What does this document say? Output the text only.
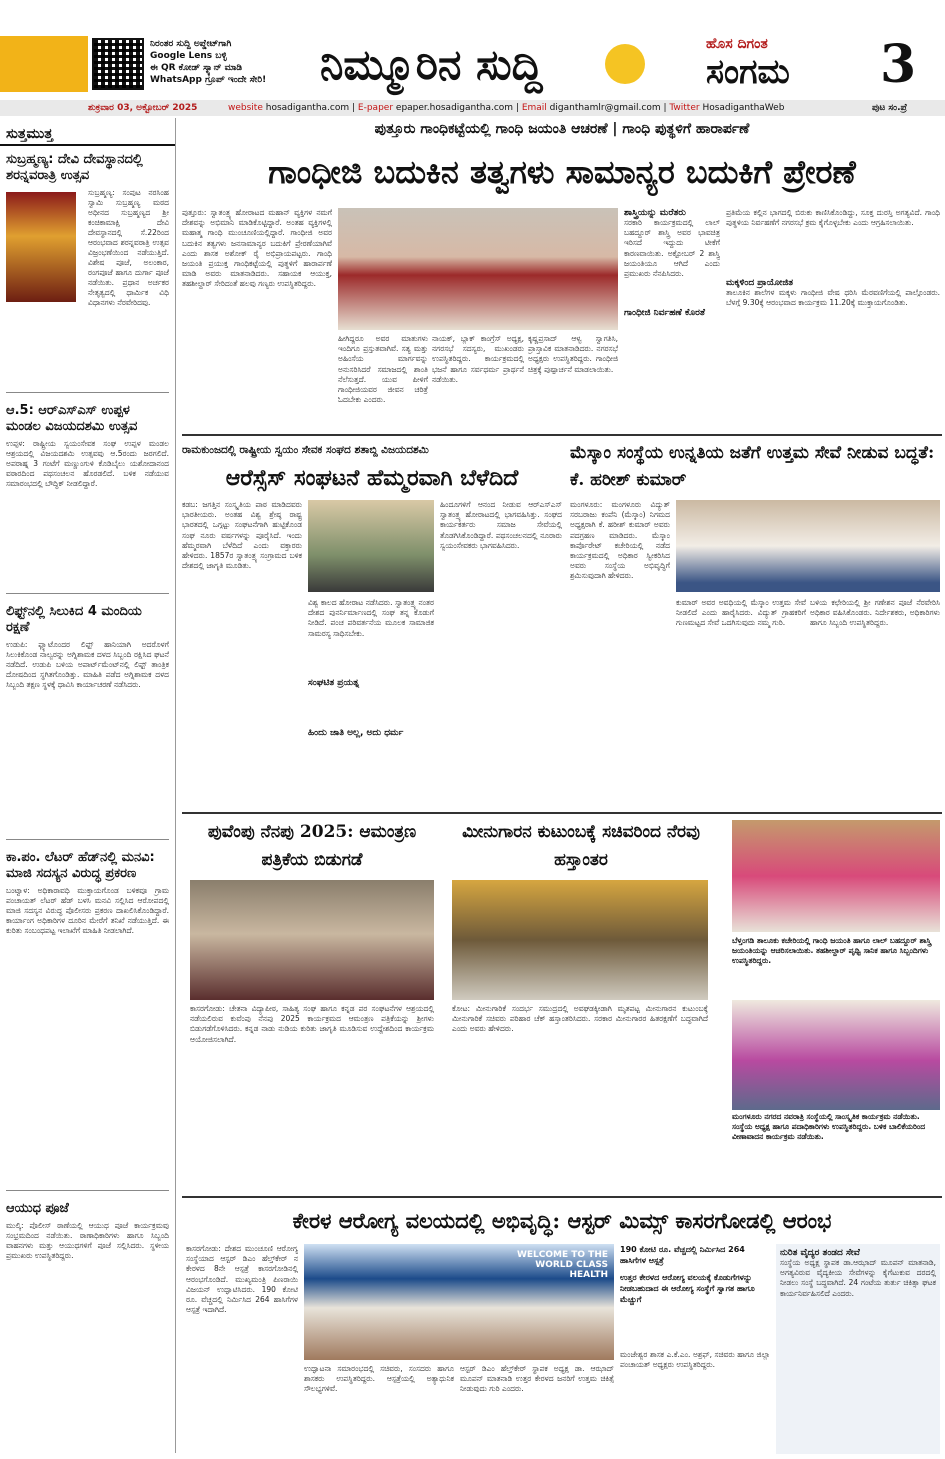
ನಿರಂತರ ಸುದ್ದಿ ಅಪ್ಡೇಟ್‌ಗಾಗಿ
Google Lens ಬಳ್ಳಿ
ಈ QR ಕೋಡ್ ಸ್ಕ್ಯಾನ್ ಮಾಡಿ
WhatsApp ಗ್ರೂಪ್ ಇಂದೇ ಸೇರಿ!	ನಿಮ್ಮೂರಿನ ಸುದ್ದಿ	ಹೊಸ ದಿಗಂತ
ಸಂಗಮ 3
ಶುಕ್ರವಾರ 03, ಅಕ್ಟೋಬರ್ 2025	website hosadigantha.com | E-paper epaper.hosadigantha.com | Email diganthamlr@gmail.com | Twitter HosadiganthaWeb	ಪುಟ ಸಂ.ಪ್ರೆ
ಸುತ್ತಮುತ್ತ
ಸುಬ್ರಹ್ಮಣ್ಯ: ದೇವಿ ದೇವಸ್ಥಾನದಲ್ಲಿ ಶರನ್ನವರಾತ್ರಿ ಉತ್ಸವ
ಸುಬ್ರಹ್ಮಣ್ಯ: ಸಂಪುಟ ನರಸಿಂಹ ಸ್ವಾಮಿ ಸುಬ್ರಹ್ಮಣ್ಯ ಮಠದ ಅಧೀನದ ಸುಬ್ರಹ್ಮಣ್ಯದ ಶ್ರೀ ಕಂಚಿಕಾಮಾಕ್ಷಿ ದೇವಿ ದೇವಸ್ಥಾನದಲ್ಲಿ ಸೆ.22ರಿಂದ ಆರಂಭವಾದ ಶರನ್ನವರಾತ್ರಿ ಉತ್ಸವ ವಿಜ್ರಂಭಣೆಯಿಂದ ನಡೆಯುತ್ತಿದೆ. ವಿಶೇಷ ಪೂಜೆ, ಅಲಂಕಾರ, ರಂಗಪೂಜೆ ಹಾಗೂ ದುರ್ಗಾ ಪೂಜೆ ನಡೆಯಿತು. ಪ್ರಧಾನ ಅರ್ಚಕರ ನೇತೃತ್ವದಲ್ಲಿ ಧಾರ್ಮಿಕ ವಿಧಿ ವಿಧಾನಗಳು ನೆರವೇರಿದವು.
ಆ.5: ಆರ್‌ಎಸ್‌ಎಸ್ ಉಪ್ಪಳ ಮಂಡಲ ವಿಜಯದಶಮಿ ಉತ್ಸವ
ಉಪ್ಪಳ: ರಾಷ್ಟ್ರೀಯ ಸ್ವಯಂಸೇವಕ ಸಂಘ ಉಪ್ಪಳ ಮಂಡಲ ಆಶ್ರಯದಲ್ಲಿ ವಿಜಯದಶಮಿ ಉತ್ಸವವು ಆ.5ರಂದು ಜರಗಲಿದೆ. ಅಪರಾಹ್ನ 3 ಗಂಟೆಗೆ ಮಣ್ಣುಂಗುಳಿ ಕೊಡಿಬೈಲು ಯಶೋದಾನಂದ ವಠಾರದಿಂದ ಪಥಸಂಚಲನ ಹೊರಡಲಿದೆ. ಬಳಿಕ ನಡೆಯುವ ಸಮಾರಂಭದಲ್ಲಿ ಬೌದ್ಧಿಕ್ ನೀಡಲಿದ್ದಾರೆ.
ಲಿಫ್ಟ್‌ನಲ್ಲಿ ಸಿಲುಕಿದ 4 ಮಂದಿಯ ರಕ್ಷಣೆ
ಉಡುಪಿ: ಫ್ಲ್ಯಾಟೊಂದರ ಲಿಫ್ಟ್ ಹಾನಿಯಾಗಿ ಅದರೊಳಗೆ ಸಿಲುಕಿಕೊಂಡ ನಾಲ್ವರನ್ನು ಅಗ್ನಿಶಾಮಕ ದಳದ ಸಿಬ್ಬಂದಿ ರಕ್ಷಿಸಿದ ಘಟನೆ ನಡೆದಿದೆ. ಉಡುಪಿ ಬಳಿಯ ಅಪಾರ್ಟ್‌ಮೆಂಟ್‌ನಲ್ಲಿ ಲಿಫ್ಟ್ ತಾಂತ್ರಿಕ ದೋಷದಿಂದ ಸ್ಥಗಿತಗೊಂಡಿತ್ತು. ಮಾಹಿತಿ ಪಡೆದ ಅಗ್ನಿಶಾಮಕ ದಳದ ಸಿಬ್ಬಂದಿ ತಕ್ಷಣ ಸ್ಥಳಕ್ಕೆ ಧಾವಿಸಿ ಕಾರ್ಯಾಚರಣೆ ನಡೆಸಿದರು.
ಕಾ.ಪಂ. ಲೆಟರ್ ಹೆಡ್‌ನಲ್ಲಿ ಮನವಿ: ಮಾಜಿ ಸದಸ್ಯನ ವಿರುದ್ಧ ಪ್ರಕರಣ
ಬಂಟ್ವಾಳ: ಅಧಿಕಾರಾವಧಿ ಮುಕ್ತಾಯಗೊಂಡ ಬಳಿಕವೂ ಗ್ರಾಮ ಪಂಚಾಯತ್ ಲೆಟರ್ ಹೆಡ್ ಬಳಸಿ ಮನವಿ ಸಲ್ಲಿಸಿದ ಆರೋಪದಲ್ಲಿ ಮಾಜಿ ಸದಸ್ಯನ ವಿರುದ್ಧ ಪೊಲೀಸರು ಪ್ರಕರಣ ದಾಖಲಿಸಿಕೊಂಡಿದ್ದಾರೆ. ಕಾರ್ಯಾಂಗ ಅಧಿಕಾರಿಗಳ ದೂರಿನ ಮೇರೆಗೆ ತನಿಖೆ ನಡೆಯುತ್ತಿದೆ. ಈ ಕುರಿತು ಸಂಬಂಧಪಟ್ಟ ಇಲಾಖೆಗೆ ಮಾಹಿತಿ ನೀಡಲಾಗಿದೆ.
ಆಯುಧ ಪೂಜೆ
ಮುಲ್ಕಿ: ಪೊಲೀಸ್ ಠಾಣೆಯಲ್ಲಿ ಆಯುಧ ಪೂಜೆ ಕಾರ್ಯಕ್ರಮವು ಸಂಭ್ರಮದಿಂದ ನಡೆಯಿತು. ಠಾಣಾಧಿಕಾರಿಗಳು ಹಾಗೂ ಸಿಬ್ಬಂದಿ ವಾಹನಗಳು ಮತ್ತು ಆಯುಧಗಳಿಗೆ ಪೂಜೆ ಸಲ್ಲಿಸಿದರು. ಸ್ಥಳೀಯ ಪ್ರಮುಖರು ಉಪಸ್ಥಿತರಿದ್ದರು.
ಪುತ್ತೂರು ಗಾಂಧಿಕಟ್ಟೆಯಲ್ಲಿ ಗಾಂಧಿ ಜಯಂತಿ ಆಚರಣೆ | ಗಾಂಧಿ ಪುತ್ಥಳಿಗೆ ಹಾರಾರ್ಪಣೆ
ಗಾಂಧೀಜಿ ಬದುಕಿನ ತತ್ವಗಳು ಸಾಮಾನ್ಯರ ಬದುಕಿಗೆ ಪ್ರೇರಣೆ
ಪುತ್ತೂರು: ಸ್ವಾತಂತ್ರ್ಯ ಹೋರಾಟದ ಮಹಾನ್ ವ್ಯಕ್ತಿಗಳ ನಮಗೆ ದೇಶವನ್ನು ಅಭಿಮಾನಿ ಮಾಡಿಕೊಟ್ಟಿದ್ದಾರೆ. ಅಂತಹ ವ್ಯಕ್ತಿಗಳಲ್ಲಿ ಮಹಾತ್ಮ ಗಾಂಧಿ ಮುಂಚೂಣಿಯಲ್ಲಿದ್ದಾರೆ. ಗಾಂಧೀಜಿ ಅವರ ಬದುಕಿನ ತತ್ವಗಳು ಜನಸಾಮಾನ್ಯರ ಬದುಕಿಗೆ ಪ್ರೇರಣೆಯಾಗಿವೆ ಎಂದು ಶಾಸಕ ಅಶೋಕ್ ರೈ ಅಭಿಪ್ರಾಯಪಟ್ಟರು. ಗಾಂಧಿ ಜಯಂತಿ ಪ್ರಯುಕ್ತ ಗಾಂಧಿಕಟ್ಟೆಯಲ್ಲಿ ಪುತ್ಥಳಿಗೆ ಹಾರಾರ್ಪಣೆ ಮಾಡಿ ಅವರು ಮಾತನಾಡಿದರು. ಸಹಾಯಕ ಆಯುಕ್ತ, ತಹಶೀಲ್ದಾರ್ ಸೇರಿದಂತೆ ಹಲವು ಗಣ್ಯರು ಉಪಸ್ಥಿತರಿದ್ದರು.
ಹೀಗಿದ್ದರೂ ಅವರ ಮಾತುಗಳು ಇಂದಿಗೂ ಪ್ರಸ್ತುತವಾಗಿವೆ. ಸತ್ಯ ಮತ್ತು ಅಹಿಂಸೆಯ ಮಾರ್ಗವನ್ನು ಅನುಸರಿಸಿದರೆ ಸಮಾಜದಲ್ಲಿ ಶಾಂತಿ ನೆಲೆಸುತ್ತದೆ. ಯುವ ಪೀಳಿಗೆ ಗಾಂಧೀಜಿಯವರ ಜೀವನ ಚರಿತ್ರೆ ಓದಬೇಕು ಎಂದರು.
ನಾಯಕ್, ಬ್ಲಾಕ್ ಕಾಂಗ್ರೆಸ್ ಅಧ್ಯಕ್ಷ, ನಗರಸಭೆ ಸದಸ್ಯರು, ಮುಖಂಡರು ಉಪಸ್ಥಿತರಿದ್ದರು. ಕಾರ್ಯಕ್ರಮದಲ್ಲಿ ಭಜನೆ ಹಾಗೂ ಸರ್ವಧರ್ಮ ಪ್ರಾರ್ಥನೆ ನಡೆಯಿತು.
ಕೃಷ್ಣಪ್ರಸಾದ್ ಆಳ್ವ ಸ್ವಾಗತಿಸಿ, ಪ್ರಾಸ್ತಾವಿಕ ಮಾತನಾಡಿದರು. ನಗರಸಭೆ ಅಧ್ಯಕ್ಷರು ಉಪಸ್ಥಿತರಿದ್ದರು. ಗಾಂಧೀಜಿ ಚಿತ್ರಕ್ಕೆ ಪುಷ್ಪಾರ್ಚನೆ ಮಾಡಲಾಯಿತು.
ಶಾಸ್ತ್ರಿಯನ್ನು ಮರೆತರು
ಸರಕಾರಿ ಕಾರ್ಯಕ್ರಮದಲ್ಲಿ ಲಾಲ್ ಬಹದ್ದೂರ್ ಶಾಸ್ತ್ರಿ ಅವರ ಭಾವಚಿತ್ರ ಇರಿಸದೆ ಇದ್ದುದು ಟೀಕೆಗೆ ಕಾರಣವಾಯಿತು. ಅಕ್ಟೋಬರ್ 2 ಶಾಸ್ತ್ರಿ ಜಯಂತಿಯೂ ಆಗಿದೆ ಎಂದು ಪ್ರಮುಖರು ನೆನಪಿಸಿದರು.
ಗಾಂಧೀಜಿ ನಿರ್ವಹಣೆ ಕೊರತೆ
ಪ್ರತಿಮೆಯ ಕಲ್ಲಿನ ಭಾಗದಲ್ಲಿ ಬಿರುಕು ಕಾಣಿಸಿಕೊಂಡಿದ್ದು, ಸೂಕ್ತ ದುರಸ್ತಿ ಅಗತ್ಯವಿದೆ. ಗಾಂಧಿ ಪುತ್ಥಳಿಯ ನಿರ್ವಹಣೆಗೆ ನಗರಸಭೆ ಕ್ರಮ ಕೈಗೊಳ್ಳಬೇಕು ಎಂದು ಆಗ್ರಹಿಸಲಾಯಿತು.
ಮಕ್ಕಳಿಂದ ಪ್ರಾಯೋಜಿತ
ತಾಲೂಕಿನ ಶಾಲೆಗಳ ಮಕ್ಕಳು ಗಾಂಧೀಜಿ ವೇಷ ಧರಿಸಿ ಮೆರವಣಿಗೆಯಲ್ಲಿ ಪಾಲ್ಗೊಂಡರು. ಬೆಳಗ್ಗೆ 9.30ಕ್ಕೆ ಆರಂಭವಾದ ಕಾರ್ಯಕ್ರಮ 11.20ಕ್ಕೆ ಮುಕ್ತಾಯಗೊಂಡಿತು.
ರಾಮಕುಂಜದಲ್ಲಿ ರಾಷ್ಟ್ರೀಯ ಸ್ವಯಂ ಸೇವಕ ಸಂಘದ ಶತಾಬ್ದಿ ವಿಜಯದಶಮಿ
ಆರೆಸ್ಸೆಸ್ ಸಂಘಟನೆ ಹೆಮ್ಮರವಾಗಿ ಬೆಳೆದಿದೆ
ಕಡಬ: ಜಗತ್ತಿನ ಸಂಸ್ಕೃತಿಯ ಪಾಠ ಮಾಡಿದವರು ಭಾರತೀಯರು. ಅಂತಹ ವಿಶ್ವ ಶ್ರೇಷ್ಠ ರಾಷ್ಟ್ರ ಭಾರತದಲ್ಲಿ ಒಗ್ಗಟ್ಟು ಸಂಘಟನೆಗಾಗಿ ಹುಟ್ಟಿಕೊಂಡ ಸಂಘ ನೂರು ವರ್ಷಗಳನ್ನು ಪೂರೈಸಿದೆ. ಇಂದು ಹೆಮ್ಮರವಾಗಿ ಬೆಳೆದಿದೆ ಎಂದು ವಕ್ತಾರರು ಹೇಳಿದರು. 1857ರ ಸ್ವಾತಂತ್ರ್ಯ ಸಂಗ್ರಾಮದ ಬಳಿಕ ದೇಶದಲ್ಲಿ ಜಾಗೃತಿ ಮೂಡಿತು.
ವಿಶ್ವ ಕಾಲದ ಹೋರಾಟ ನಡೆಸಿದರು. ಸ್ವಾತಂತ್ರ್ಯ ನಂತರ ದೇಶದ ಪುನರ್ನಿರ್ಮಾಣದಲ್ಲಿ ಸಂಘ ತನ್ನ ಕೊಡುಗೆ ನೀಡಿದೆ. ಪಂಚ ಪರಿವರ್ತನೆಯ ಮೂಲಕ ಸಾಮಾಜಿಕ ಸಾಮರಸ್ಯ ಸಾಧಿಸಬೇಕು.
ಸಂಘಟಿತ ಪ್ರಯತ್ನ
ಹಿಂದು ಜಾತಿ ಅಲ್ಲ, ಅದು ಧರ್ಮ
ಹಿಂದೂಗಳಿಗೆ ಆನಂದ ನೀಡುವ ಆರ್‌ಎಸ್‌ಎಸ್ ಸ್ವಾತಂತ್ರ್ಯ ಹೋರಾಟದಲ್ಲಿ ಭಾಗವಹಿಸಿತ್ತು. ಸಂಘದ ಕಾರ್ಯಕರ್ತರು ಸಮಾಜ ಸೇವೆಯಲ್ಲಿ ತೊಡಗಿಸಿಕೊಂಡಿದ್ದಾರೆ. ಪಥಸಂಚಲನದಲ್ಲಿ ನೂರಾರು ಸ್ವಯಂಸೇವಕರು ಭಾಗವಹಿಸಿದರು.
ಮೆಸ್ಕಾಂ ಸಂಸ್ಥೆಯ ಉನ್ನತಿಯ ಜತೆಗೆ ಉತ್ತಮ ಸೇವೆ ನೀಡುವ ಬದ್ಧತೆ: ಕೆ. ಹರೀಶ್ ಕುಮಾರ್
ಮಂಗಳೂರು: ಮಂಗಳೂರು ವಿದ್ಯುತ್ ಸರಬರಾಜು ಕಂಪೆನಿ (ಮೆಸ್ಕಾಂ) ನಿಗಮದ ಅಧ್ಯಕ್ಷರಾಗಿ ಕೆ. ಹರೀಶ್ ಕುಮಾರ್ ಅವರು ಪದಗ್ರಹಣ ಮಾಡಿದರು. ಮೆಸ್ಕಾಂ ಕಾರ್ಪೊರೇಟ್ ಕಚೇರಿಯಲ್ಲಿ ನಡೆದ ಕಾರ್ಯಕ್ರಮದಲ್ಲಿ ಅಧಿಕಾರ ಸ್ವೀಕರಿಸಿದ ಅವರು ಸಂಸ್ಥೆಯ ಅಭಿವೃದ್ಧಿಗೆ ಶ್ರಮಿಸುವುದಾಗಿ ಹೇಳಿದರು.
ಕುಮಾರ್ ಅವರ ಅವಧಿಯಲ್ಲಿ ಮೆಸ್ಕಾಂ ಉತ್ತಮ ಸೇವೆ ನೀಡಲಿದೆ ಎಂದು ಹಾರೈಸಿದರು. ವಿದ್ಯುತ್ ಗ್ರಾಹಕರಿಗೆ ಗುಣಮಟ್ಟದ ಸೇವೆ ಒದಗಿಸುವುದು ನಮ್ಮ ಗುರಿ.
ಬಳಿಯ ಕಛೇರಿಯಲ್ಲಿ ಶ್ರೀ ಗಣೇಶನ ಪೂಜೆ ನೆರವೇರಿಸಿ ಅಧಿಕಾರ ವಹಿಸಿಕೊಂಡರು. ನಿರ್ದೇಶಕರು, ಅಧಿಕಾರಿಗಳು ಹಾಗೂ ಸಿಬ್ಬಂದಿ ಉಪಸ್ಥಿತರಿದ್ದರು.
ಪುವೆಂಪು ನೆನಪು 2025: ಆಮಂತ್ರಣ ಪತ್ರಿಕೆಯ ಬಿಡುಗಡೆ
ಕಾಸರಗೋಡು: ಚೇತನಾ ವಿದ್ಯಾಪೀಠ, ಸಾಹಿತ್ಯ ಸಂಘ ಹಾಗೂ ಕನ್ನಡ ಪರ ಸಂಘಟನೆಗಳ ಆಶ್ರಯದಲ್ಲಿ ನಡೆಯಲಿರುವ ಕುವೆಂಪು ನೆನಪು 2025 ಕಾರ್ಯಕ್ರಮದ ಆಮಂತ್ರಣ ಪತ್ರಿಕೆಯನ್ನು ಶ್ರೀಗಳು ಬಿಡುಗಡೆಗೊಳಿಸಿದರು. ಕನ್ನಡ ನಾಡು ನುಡಿಯ ಕುರಿತು ಜಾಗೃತಿ ಮೂಡಿಸುವ ಉದ್ದೇಶದಿಂದ ಕಾರ್ಯಕ್ರಮ ಆಯೋಜಿಸಲಾಗಿದೆ.
ಮೀನುಗಾರನ ಕುಟುಂಬಕ್ಕೆ ಸಚಿವರಿಂದ ನೆರವು ಹಸ್ತಾಂತರ
ಕೋಟ: ಮೀನುಗಾರಿಕೆ ಸಂದರ್ಭ ಸಮುದ್ರದಲ್ಲಿ ಅವಘಡಕ್ಕೀಡಾಗಿ ಮೃತಪಟ್ಟ ಮೀನುಗಾರನ ಕುಟುಂಬಕ್ಕೆ ಮೀನುಗಾರಿಕೆ ಸಚಿವರು ಪರಿಹಾರ ಚೆಕ್ ಹಸ್ತಾಂತರಿಸಿದರು. ಸರಕಾರ ಮೀನುಗಾರರ ಹಿತರಕ್ಷಣೆಗೆ ಬದ್ಧವಾಗಿದೆ ಎಂದು ಅವರು ಹೇಳಿದರು.
ಬೆಳ್ತಂಗಡಿ ತಾಲೂಕು ಕಚೇರಿಯಲ್ಲಿ ಗಾಂಧಿ ಜಯಂತಿ ಹಾಗೂ ಲಾಲ್ ಬಹದ್ದೂರ್ ಶಾಸ್ತ್ರಿ ಜಯಂತಿಯನ್ನು ಆಚರಿಸಲಾಯಿತು. ತಹಶೀಲ್ದಾರ್ ಪೃಥ್ವಿ ಸಾನಿಕ ಹಾಗೂ ಸಿಬ್ಬಂದಿಗಳು ಉಪಸ್ಥಿತರಿದ್ದರು.
ಮಂಗಳೂರು ನಗರದ ನವರಾತ್ರಿ ಸಂಸ್ಥೆಯಲ್ಲಿ ಸಾಂಸ್ಕೃತಿಕ ಕಾರ್ಯಕ್ರಮ ನಡೆಯಿತು. ಸಂಸ್ಥೆಯ ಅಧ್ಯಕ್ಷ ಹಾಗೂ ಪದಾಧಿಕಾರಿಗಳು ಉಪಸ್ಥಿತರಿದ್ದರು. ಬಳಿಕ ಬಾಲಿಕೆಯರಿಂದ ವೀಣಾವಾದನ ಕಾರ್ಯಕ್ರಮ ನಡೆಯಿತು.
ಕೇರಳ ಆರೋಗ್ಯ ವಲಯದಲ್ಲಿ ಅಭಿವೃದ್ಧಿ: ಆಸ್ಟರ್ ಮಿಮ್ಸ್ ಕಾಸರಗೋಡಲ್ಲಿ ಆರಂಭ
ಕಾಸರಗೋಡು: ದೇಶದ ಮುಂಚೂಣಿ ಆರೋಗ್ಯ ಸಂಸ್ಥೆಯಾದ ಆಸ್ಟರ್ ಡಿಎಂ ಹೆಲ್ತ್‌ಕೇರ್ ನ ಕೇರಳದ 8ನೇ ಆಸ್ಪತ್ರೆ ಕಾಸರಗೋಡಿನಲ್ಲಿ ಆರಂಭಗೊಂಡಿದೆ. ಮುಖ್ಯಮಂತ್ರಿ ಪಿಣರಾಯಿ ವಿಜಯನ್ ಉದ್ಘಾಟಿಸಿದರು. 190 ಕೋಟಿ ರೂ. ವೆಚ್ಚದಲ್ಲಿ ನಿರ್ಮಿಸಿದ 264 ಹಾಸಿಗೆಗಳ ಆಸ್ಪತ್ರೆ ಇದಾಗಿದೆ.
WELCOME TO THE WORLD CLASS HEALTH
ಉದ್ಘಾಟನಾ ಸಮಾರಂಭದಲ್ಲಿ ಸಚಿವರು, ಸಂಸದರು ಹಾಗೂ ಶಾಸಕರು ಉಪಸ್ಥಿತರಿದ್ದರು. ಆಸ್ಪತ್ರೆಯಲ್ಲಿ ಅತ್ಯಾಧುನಿಕ ಸೌಲಭ್ಯಗಳಿವೆ.
ಆಸ್ಟರ್ ಡಿಎಂ ಹೆಲ್ತ್‌ಕೇರ್ ಸ್ಥಾಪಕ ಅಧ್ಯಕ್ಷ ಡಾ. ಆಝಾದ್ ಮೂಪನ್ ಮಾತನಾಡಿ ಉತ್ತರ ಕೇರಳದ ಜನರಿಗೆ ಉತ್ತಮ ಚಿಕಿತ್ಸೆ ನೀಡುವುದು ಗುರಿ ಎಂದರು.
190 ಕೋಟಿ ರೂ. ವೆಚ್ಚದಲ್ಲಿ ನಿರ್ಮಿಸಿದ 264 ಹಾಸಿಗೆಗಳ ಆಸ್ಪತ್ರೆ
ಉತ್ತರ ಕೇರಳದ ಆರೋಗ್ಯ ವಲಯಕ್ಕೆ ಕೊಡುಗೆಗಳನ್ನು ನೀಡಬಹುದಾದ ಈ ಆರೋಗ್ಯ ಸಂಸ್ಥೆಗೆ ಸ್ವಾಗತ ಹಾಗೂ ಮೆಚ್ಚುಗೆ
ಮಂಜೇಶ್ವರ ಶಾಸಕ ಎ.ಕೆ.ಎಂ. ಅಶ್ರಫ್, ಸಚಿವರು ಹಾಗೂ ಜಿಲ್ಲಾ ಪಂಚಾಯತ್ ಅಧ್ಯಕ್ಷರು ಉಪಸ್ಥಿತರಿದ್ದರು.
ನುರಿತ ವೈದ್ಯರ ತಂಡದ ಸೇವೆ
ಸಂಸ್ಥೆಯ ಅಧ್ಯಕ್ಷ ಸ್ಥಾಪಕ ಡಾ.ಆಝಾದ್ ಮೂಪನ್ ಮಾತನಾಡಿ, ಅಗತ್ಯವಿರುವ ವೈದ್ಯಕೀಯ ಸೇವೆಗಳನ್ನು ಕೈಗೆಟುಕುವ ದರದಲ್ಲಿ ನೀಡಲು ಸಂಸ್ಥೆ ಬದ್ಧವಾಗಿದೆ. 24 ಗಂಟೆಯ ತುರ್ತು ಚಿಕಿತ್ಸಾ ಘಟಕ ಕಾರ್ಯನಿರ್ವಹಿಸಲಿದೆ ಎಂದರು.
